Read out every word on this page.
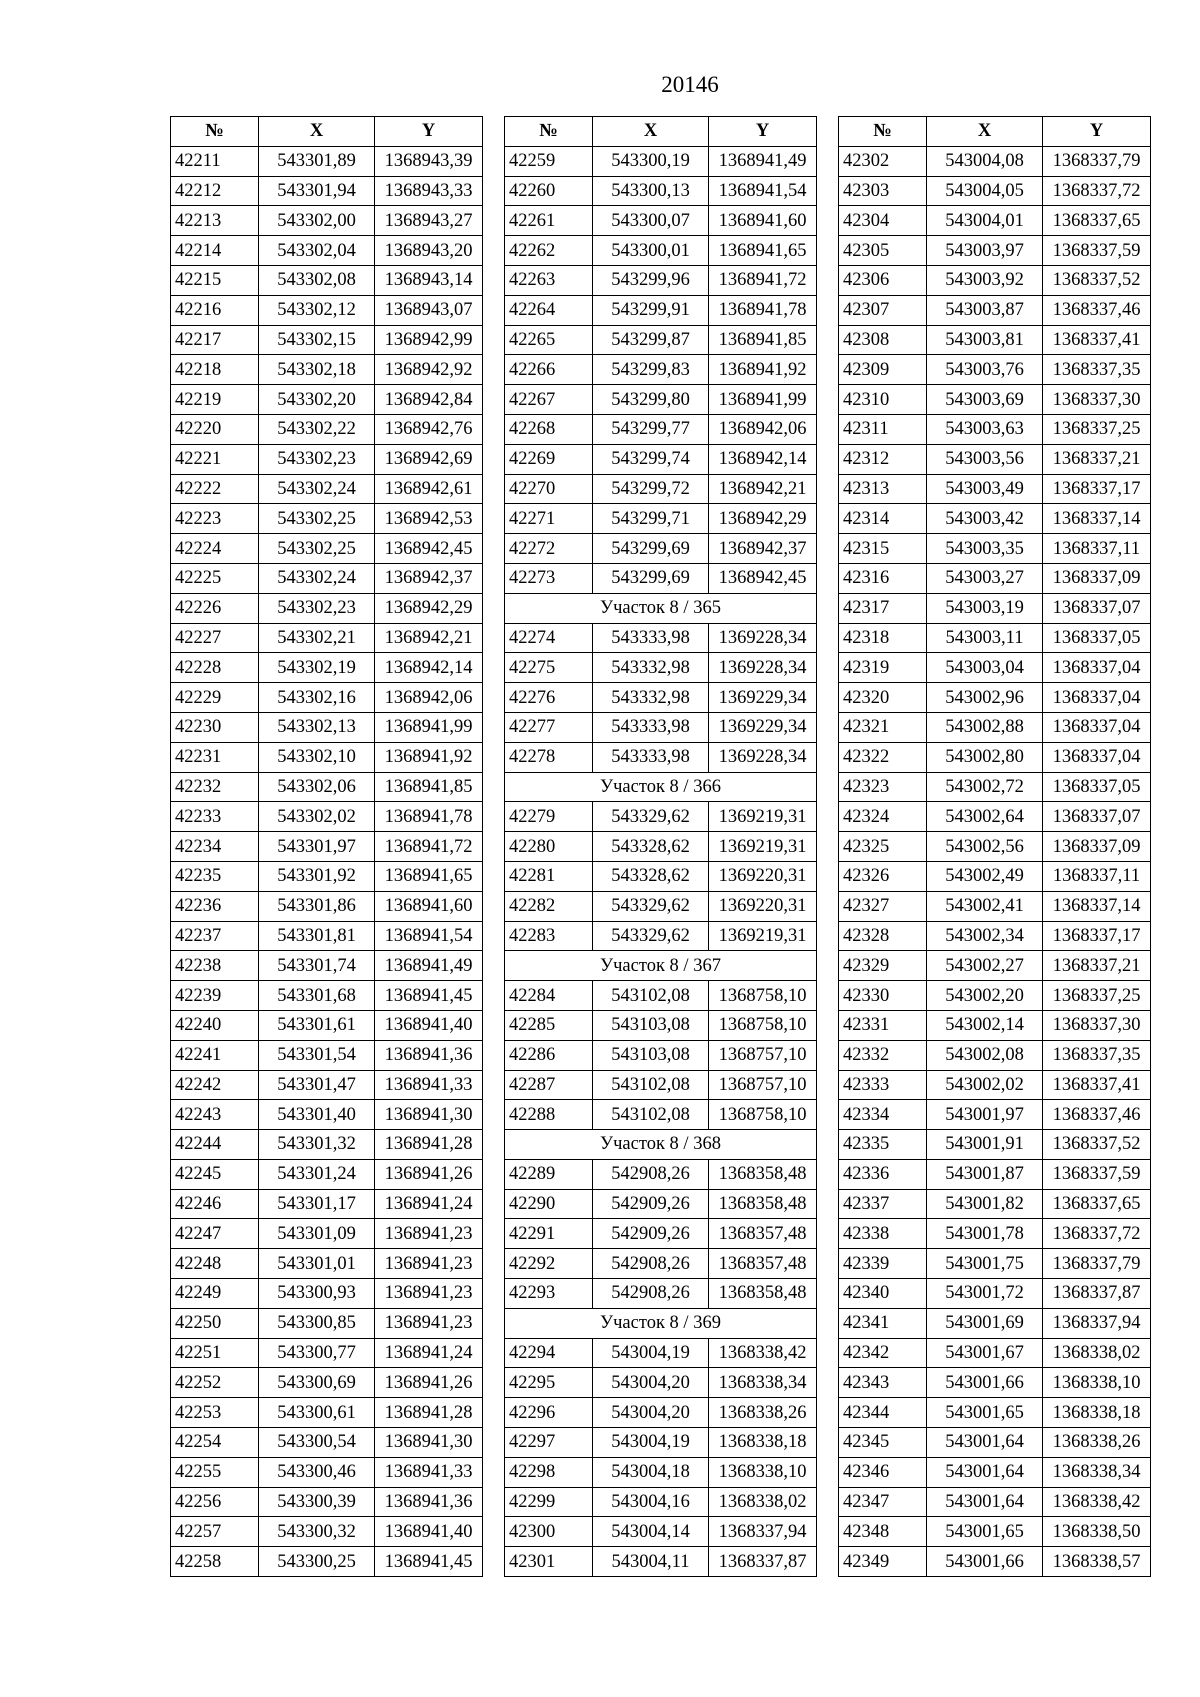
20146
№	X	Y
42211	543301,89	1368943,39
42212	543301,94	1368943,33
42213	543302,00	1368943,27
42214	543302,04	1368943,20
42215	543302,08	1368943,14
42216	543302,12	1368943,07
42217	543302,15	1368942,99
42218	543302,18	1368942,92
42219	543302,20	1368942,84
42220	543302,22	1368942,76
42221	543302,23	1368942,69
42222	543302,24	1368942,61
42223	543302,25	1368942,53
42224	543302,25	1368942,45
42225	543302,24	1368942,37
42226	543302,23	1368942,29
42227	543302,21	1368942,21
42228	543302,19	1368942,14
42229	543302,16	1368942,06
42230	543302,13	1368941,99
42231	543302,10	1368941,92
42232	543302,06	1368941,85
42233	543302,02	1368941,78
42234	543301,97	1368941,72
42235	543301,92	1368941,65
42236	543301,86	1368941,60
42237	543301,81	1368941,54
42238	543301,74	1368941,49
42239	543301,68	1368941,45
42240	543301,61	1368941,40
42241	543301,54	1368941,36
42242	543301,47	1368941,33
42243	543301,40	1368941,30
42244	543301,32	1368941,28
42245	543301,24	1368941,26
42246	543301,17	1368941,24
42247	543301,09	1368941,23
42248	543301,01	1368941,23
42249	543300,93	1368941,23
42250	543300,85	1368941,23
42251	543300,77	1368941,24
42252	543300,69	1368941,26
42253	543300,61	1368941,28
42254	543300,54	1368941,30
42255	543300,46	1368941,33
42256	543300,39	1368941,36
42257	543300,32	1368941,40
42258	543300,25	1368941,45
№	X	Y
42259	543300,19	1368941,49
42260	543300,13	1368941,54
42261	543300,07	1368941,60
42262	543300,01	1368941,65
42263	543299,96	1368941,72
42264	543299,91	1368941,78
42265	543299,87	1368941,85
42266	543299,83	1368941,92
42267	543299,80	1368941,99
42268	543299,77	1368942,06
42269	543299,74	1368942,14
42270	543299,72	1368942,21
42271	543299,71	1368942,29
42272	543299,69	1368942,37
42273	543299,69	1368942,45
Участок 8 / 365		
42274	543333,98	1369228,34
42275	543332,98	1369228,34
42276	543332,98	1369229,34
42277	543333,98	1369229,34
42278	543333,98	1369228,34
Участок 8 / 366		
42279	543329,62	1369219,31
42280	543328,62	1369219,31
42281	543328,62	1369220,31
42282	543329,62	1369220,31
42283	543329,62	1369219,31
Участок 8 / 367		
42284	543102,08	1368758,10
42285	543103,08	1368758,10
42286	543103,08	1368757,10
42287	543102,08	1368757,10
42288	543102,08	1368758,10
Участок 8 / 368		
42289	542908,26	1368358,48
42290	542909,26	1368358,48
42291	542909,26	1368357,48
42292	542908,26	1368357,48
42293	542908,26	1368358,48
Участок 8 / 369		
42294	543004,19	1368338,42
42295	543004,20	1368338,34
42296	543004,20	1368338,26
42297	543004,19	1368338,18
42298	543004,18	1368338,10
42299	543004,16	1368338,02
42300	543004,14	1368337,94
42301	543004,11	1368337,87
№	X	Y
42302	543004,08	1368337,79
42303	543004,05	1368337,72
42304	543004,01	1368337,65
42305	543003,97	1368337,59
42306	543003,92	1368337,52
42307	543003,87	1368337,46
42308	543003,81	1368337,41
42309	543003,76	1368337,35
42310	543003,69	1368337,30
42311	543003,63	1368337,25
42312	543003,56	1368337,21
42313	543003,49	1368337,17
42314	543003,42	1368337,14
42315	543003,35	1368337,11
42316	543003,27	1368337,09
42317	543003,19	1368337,07
42318	543003,11	1368337,05
42319	543003,04	1368337,04
42320	543002,96	1368337,04
42321	543002,88	1368337,04
42322	543002,80	1368337,04
42323	543002,72	1368337,05
42324	543002,64	1368337,07
42325	543002,56	1368337,09
42326	543002,49	1368337,11
42327	543002,41	1368337,14
42328	543002,34	1368337,17
42329	543002,27	1368337,21
42330	543002,20	1368337,25
42331	543002,14	1368337,30
42332	543002,08	1368337,35
42333	543002,02	1368337,41
42334	543001,97	1368337,46
42335	543001,91	1368337,52
42336	543001,87	1368337,59
42337	543001,82	1368337,65
42338	543001,78	1368337,72
42339	543001,75	1368337,79
42340	543001,72	1368337,87
42341	543001,69	1368337,94
42342	543001,67	1368338,02
42343	543001,66	1368338,10
42344	543001,65	1368338,18
42345	543001,64	1368338,26
42346	543001,64	1368338,34
42347	543001,64	1368338,42
42348	543001,65	1368338,50
42349	543001,66	1368338,57
